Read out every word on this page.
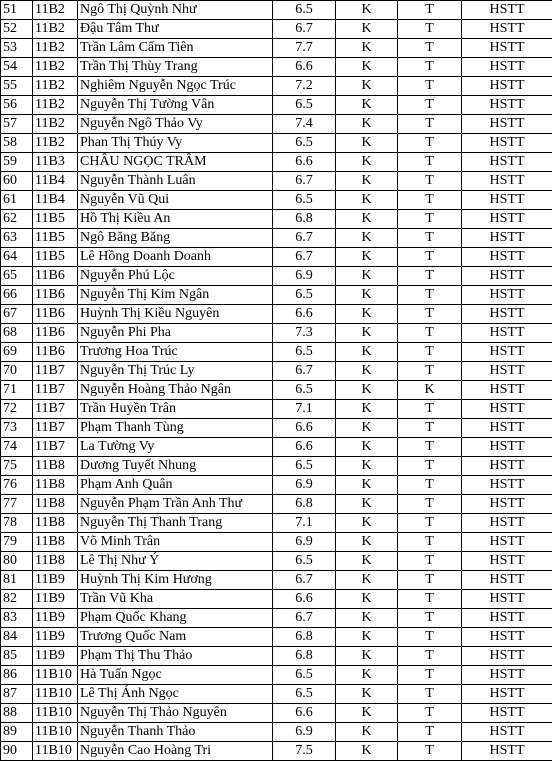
51	11B2	Ngô Thị Quỳnh Như	6.5	K	T	HSTT
52	11B2	Đậu Tâm Thư	6.7	K	T	HSTT
53	11B2	Trần Lâm Cẩm Tiên	7.7	K	T	HSTT
54	11B2	Trần Thị Thùy Trang	6.6	K	T	HSTT
55	11B2	Nghiêm Nguyễn Ngọc Trúc	7.2	K	T	HSTT
56	11B2	Nguyễn Thị Tường Vân	6.5	K	T	HSTT
57	11B2	Nguyễn Ngô Thảo Vy	7.4	K	T	HSTT
58	11B2	Phan Thị Thúy Vy	6.5	K	T	HSTT
59	11B3	CHÂU NGỌC TRÂM	6.6	K	T	HSTT
60	11B4	Nguyễn Thành Luân	6.7	K	T	HSTT
61	11B4	Nguyễn Vũ Qui	6.5	K	T	HSTT
62	11B5	Hồ Thị Kiều An	6.8	K	T	HSTT
63	11B5	Ngô Băng Băng	6.7	K	T	HSTT
64	11B5	Lê Hồng Doanh Doanh	6.7	K	T	HSTT
65	11B6	Nguyễn Phú Lộc	6.9	K	T	HSTT
66	11B6	Nguyễn Thị Kim Ngân	6.5	K	T	HSTT
67	11B6	Huỳnh Thị Kiều Nguyên	6.6	K	T	HSTT
68	11B6	Nguyễn Phi Pha	7.3	K	T	HSTT
69	11B6	Trương Hoa Trúc	6.5	K	T	HSTT
70	11B7	Nguyễn Thị Trúc Ly	6.7	K	T	HSTT
71	11B7	Nguyễn Hoàng Thảo Ngân	6.5	K	K	HSTT
72	11B7	Trần Huyền Trân	7.1	K	T	HSTT
73	11B7	Phạm Thanh Tùng	6.6	K	T	HSTT
74	11B7	La Tường Vy	6.6	K	T	HSTT
75	11B8	Dương Tuyết Nhung	6.5	K	T	HSTT
76	11B8	Phạm Anh Quân	6.9	K	T	HSTT
77	11B8	Nguyễn Phạm Trần Anh Thư	6.8	K	T	HSTT
78	11B8	Nguyễn Thị Thanh Trang	7.1	K	T	HSTT
79	11B8	Võ Minh Trân	6.9	K	T	HSTT
80	11B8	Lê Thị Như Ý	6.5	K	T	HSTT
81	11B9	Huỳnh Thị Kim Hương	6.7	K	T	HSTT
82	11B9	Trần Vũ Kha	6.6	K	T	HSTT
83	11B9	Phạm Quốc Khang	6.7	K	T	HSTT
84	11B9	Trương Quốc Nam	6.8	K	T	HSTT
85	11B9	Phạm Thị Thu Thảo	6.8	K	T	HSTT
86	11B10	Hà Tuấn Ngọc	6.5	K	T	HSTT
87	11B10	Lê Thị Ánh Ngọc	6.5	K	T	HSTT
88	11B10	Nguyễn Thị Thảo Nguyên	6.6	K	T	HSTT
89	11B10	Nguyễn Thanh Thảo	6.9	K	T	HSTT
90	11B10	Nguyễn Cao Hoàng Tri	7.5	K	T	HSTT
